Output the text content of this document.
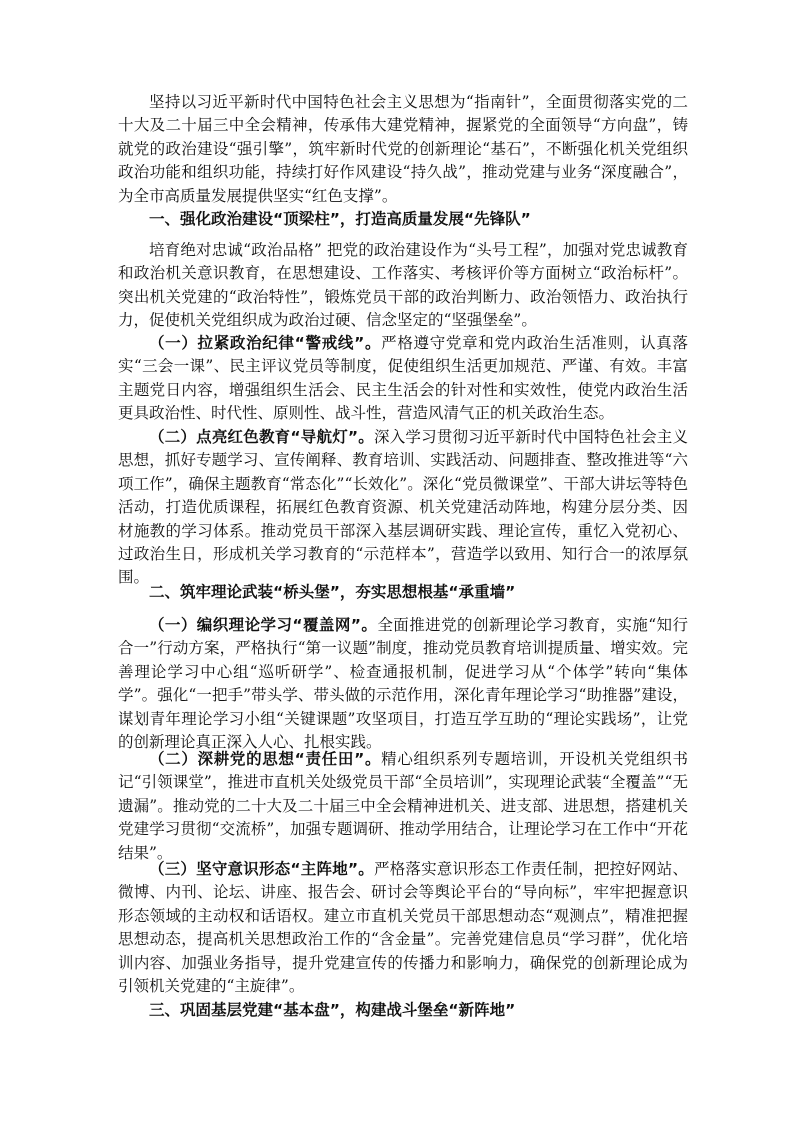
坚持以习近平新时代中国特色社会主义思想为“指南针”，全面贯彻落实党的二十大及二十届三中全会精神，传承伟大建党精神，握紧党的全面领导“方向盘”，铸就党的政治建设“强引擎”，筑牢新时代党的创新理论“基石”，不断强化机关党组织政治功能和组织功能，持续打好作风建设“持久战”，推动党建与业务“深度融合”，为全市高质量发展提供坚实“红色支撑”。

一、强化政治建设“顶梁柱”，打造高质量发展“先锋队”

培育绝对忠诚“政治品格” 把党的政治建设作为“头号工程”，加强对党忠诚教育和政治机关意识教育，在思想建设、工作落实、考核评价等方面树立“政治标杆”。突出机关党建的“政治特性”，锻炼党员干部的政治判断力、政治领悟力、政治执行力，促使机关党组织成为政治过硬、信念坚定的“坚强堡垒”。

（一）拉紧政治纪律“警戒线”。严格遵守党章和党内政治生活准则，认真落实“三会一课”、民主评议党员等制度，促使组织生活更加规范、严谨、有效。丰富主题党日内容，增强组织生活会、民主生活会的针对性和实效性，使党内政治生活更具政治性、时代性、原则性、战斗性，营造风清气正的机关政治生态。

（二）点亮红色教育“导航灯”。深入学习贯彻习近平新时代中国特色社会主义思想，抓好专题学习、宣传阐释、教育培训、实践活动、问题排查、整改推进等“六项工作”，确保主题教育“常态化”“长效化”。深化“党员微课堂”、干部大讲坛等特色活动，打造优质课程，拓展红色教育资源、机关党建活动阵地，构建分层分类、因材施教的学习体系。推动党员干部深入基层调研实践、理论宣传，重忆入党初心、过政治生日，形成机关学习教育的“示范样本”，营造学以致用、知行合一的浓厚氛围。

二、筑牢理论武装“桥头堡”，夯实思想根基“承重墙”

（一）编织理论学习“覆盖网”。全面推进党的创新理论学习教育，实施“知行合一”行动方案，严格执行“第一议题”制度，推动党员教育培训提质量、增实效。完善理论学习中心组“巡听研学”、检查通报机制，促进学习从“个体学”转向“集体学”。强化“一把手”带头学、带头做的示范作用，深化青年理论学习“助推器”建设，谋划青年理论学习小组“关键课题”攻坚项目，打造互学互助的“理论实践场”，让党的创新理论真正深入人心、扎根实践。

（二）深耕党的思想“责任田”。精心组织系列专题培训，开设机关党组织书记“引领课堂”，推进市直机关处级党员干部“全员培训”，实现理论武装“全覆盖”“无遗漏”。推动党的二十大及二十届三中全会精神进机关、进支部、进思想，搭建机关党建学习贯彻“交流桥”，加强专题调研、推动学用结合，让理论学习在工作中“开花结果”。

（三）坚守意识形态“主阵地”。严格落实意识形态工作责任制，把控好网站、微博、内刊、论坛、讲座、报告会、研讨会等舆论平台的“导向标”，牢牢把握意识形态领域的主动权和话语权。建立市直机关党员干部思想动态“观测点”，精准把握思想动态，提高机关思想政治工作的“含金量”。完善党建信息员“学习群”，优化培训内容、加强业务指导，提升党建宣传的传播力和影响力，确保党的创新理论成为引领机关党建的“主旋律”。

三、巩固基层党建“基本盘”，构建战斗堡垒“新阵地”
